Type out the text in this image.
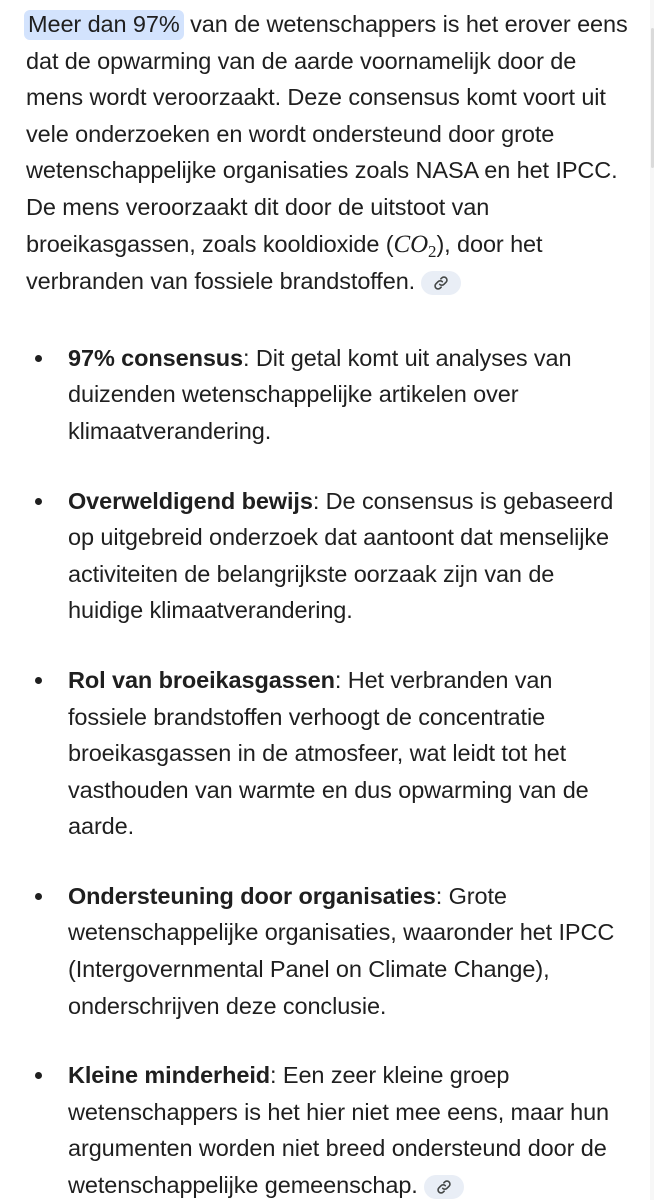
Meer dan 97% van de wetenschappers is het erover eens dat de opwarming van de aarde voornamelijk door de mens wordt veroorzaakt. Deze consensus komt voort uit vele onderzoeken en wordt ondersteund door grote wetenschappelijke organisaties zoals NASA en het IPCC. De mens veroorzaakt dit door de uitstoot van broeikasgassen, zoals kooldioxide $(CO_2)$, door het verbranden van fossiele brandstoffen.

97% consensus: Dit getal komt uit analyses van duizenden wetenschappelijke artikelen over klimaatverandering.
Overweldigend bewijs: De consensus is gebaseerd op uitgebreid onderzoek dat aantoont dat menselijke activiteiten de belangrijkste oorzaak zijn van de huidige klimaatverandering.
Rol van broeikasgassen: Het verbranden van fossiele brandstoffen verhoogt de concentratie broeikasgassen in de atmosfeer, wat leidt tot het vasthouden van warmte en dus opwarming van de aarde.
Ondersteuning door organisaties: Grote wetenschappelijke organisaties, waaronder het IPCC (Intergovernmental Panel on Climate Change), onderschrijven deze conclusie.
Kleine minderheid: Een zeer kleine groep wetenschappers is het hier niet mee eens, maar hun argumenten worden niet breed ondersteund door de wetenschappelijke gemeenschap.
